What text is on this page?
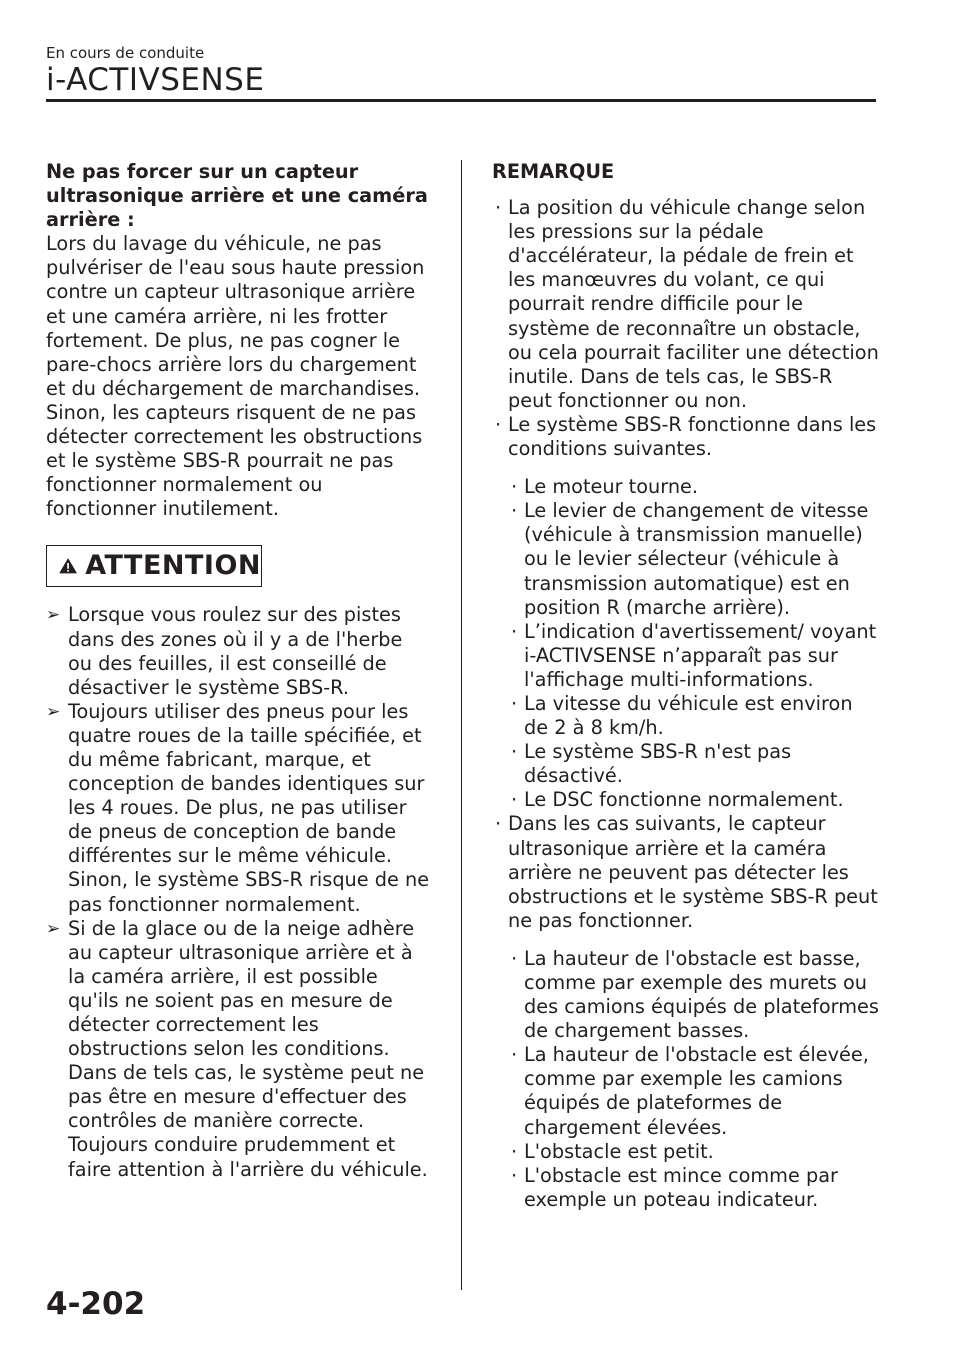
En cours de conduite
i-ACTIVSENSE

Ne pas forcer sur un capteur ultrasonique arrière et une caméra arrière :

Lors du lavage du véhicule, ne pas pulvériser de l'eau sous haute pression contre un capteur ultrasonique arrière et une caméra arrière, ni les frotter fortement. De plus, ne pas cogner le pare-chocs arrière lors du chargement et du déchargement de marchandises. Sinon, les capteurs risquent de ne pas détecter correctement les obstructions et le système SBS-R pourrait ne pas fonctionner normalement ou fonctionner inutilement.

ATTENTION
➢ Lorsque vous roulez sur des pistes dans des zones où il y a de l'herbe ou des feuilles, il est conseillé de désactiver le système SBS-R.
➢ Toujours utiliser des pneus pour les quatre roues de la taille spécifiée, et du même fabricant, marque, et conception de bandes identiques sur les 4 roues. De plus, ne pas utiliser de pneus de conception de bande différentes sur le même véhicule. Sinon, le système SBS-R risque de ne pas fonctionner normalement.
➢ Si de la glace ou de la neige adhère au capteur ultrasonique arrière et à la caméra arrière, il est possible qu'ils ne soient pas en mesure de détecter correctement les obstructions selon les conditions. Dans de tels cas, le système peut ne pas être en mesure d'effectuer des contrôles de manière correcte. Toujours conduire prudemment et faire attention à l'arrière du véhicule.

REMARQUE

· La position du véhicule change selon les pressions sur la pédale d'accélérateur, la pédale de frein et les manœuvres du volant, ce qui pourrait rendre difficile pour le système de reconnaître un obstacle, ou cela pourrait faciliter une détection inutile. Dans de tels cas, le SBS-R peut fonctionner ou non.
· Le système SBS-R fonctionne dans les conditions suivantes.
· Le moteur tourne.
· Le levier de changement de vitesse (véhicule à transmission manuelle) ou le levier sélecteur (véhicule à transmission automatique) est en position R (marche arrière).
· L’indication d'avertissement/ voyant i-ACTIVSENSE n’apparaît pas sur l'affichage multi-informations.
· La vitesse du véhicule est environ de 2 à 8 km/h.
· Le système SBS-R n'est pas désactivé.
· Le DSC fonctionne normalement.
· Dans les cas suivants, le capteur ultrasonique arrière et la caméra arrière ne peuvent pas détecter les obstructions et le système SBS-R peut ne pas fonctionner.
· La hauteur de l'obstacle est basse, comme par exemple des murets ou des camions équipés de plateformes de chargement basses.
· La hauteur de l'obstacle est élevée, comme par exemple les camions équipés de plateformes de chargement élevées.
· L'obstacle est petit.
· L'obstacle est mince comme par exemple un poteau indicateur.
4-202
